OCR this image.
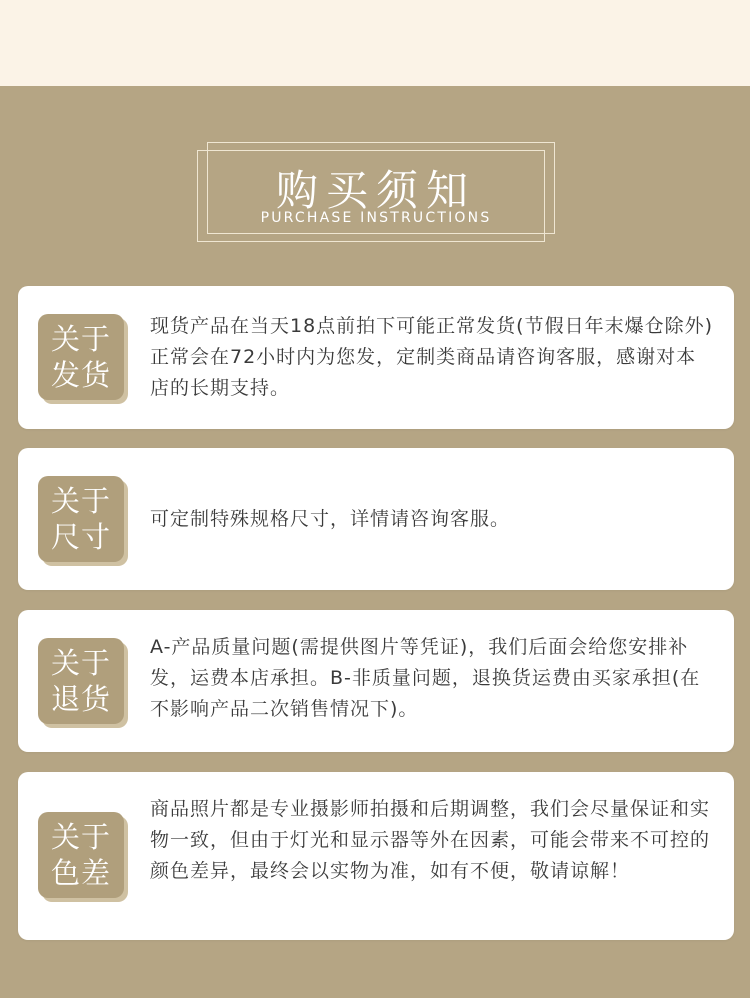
购买须知
PURCHASE INSTRUCTIONS
关于
发货
现货产品在当天18点前拍下可能正常发货(节假日年末爆仓除外)正常会在72小时内为您发，定制类商品请咨询客服，感谢对本店的长期支持。
关于
尺寸
可定制特殊规格尺寸，详情请咨询客服。
关于
退货
A-产品质量问题(需提供图片等凭证)，我们后面会给您安排补发，运费本店承担。B-非质量问题，退换货运费由买家承担(在不影响产品二次销售情况下)。
关于
色差
商品照片都是专业摄影师拍摄和后期调整，我们会尽量保证和实物一致，但由于灯光和显示器等外在因素，可能会带来不可控的颜色差异，最终会以实物为准，如有不便，敬请谅解！
